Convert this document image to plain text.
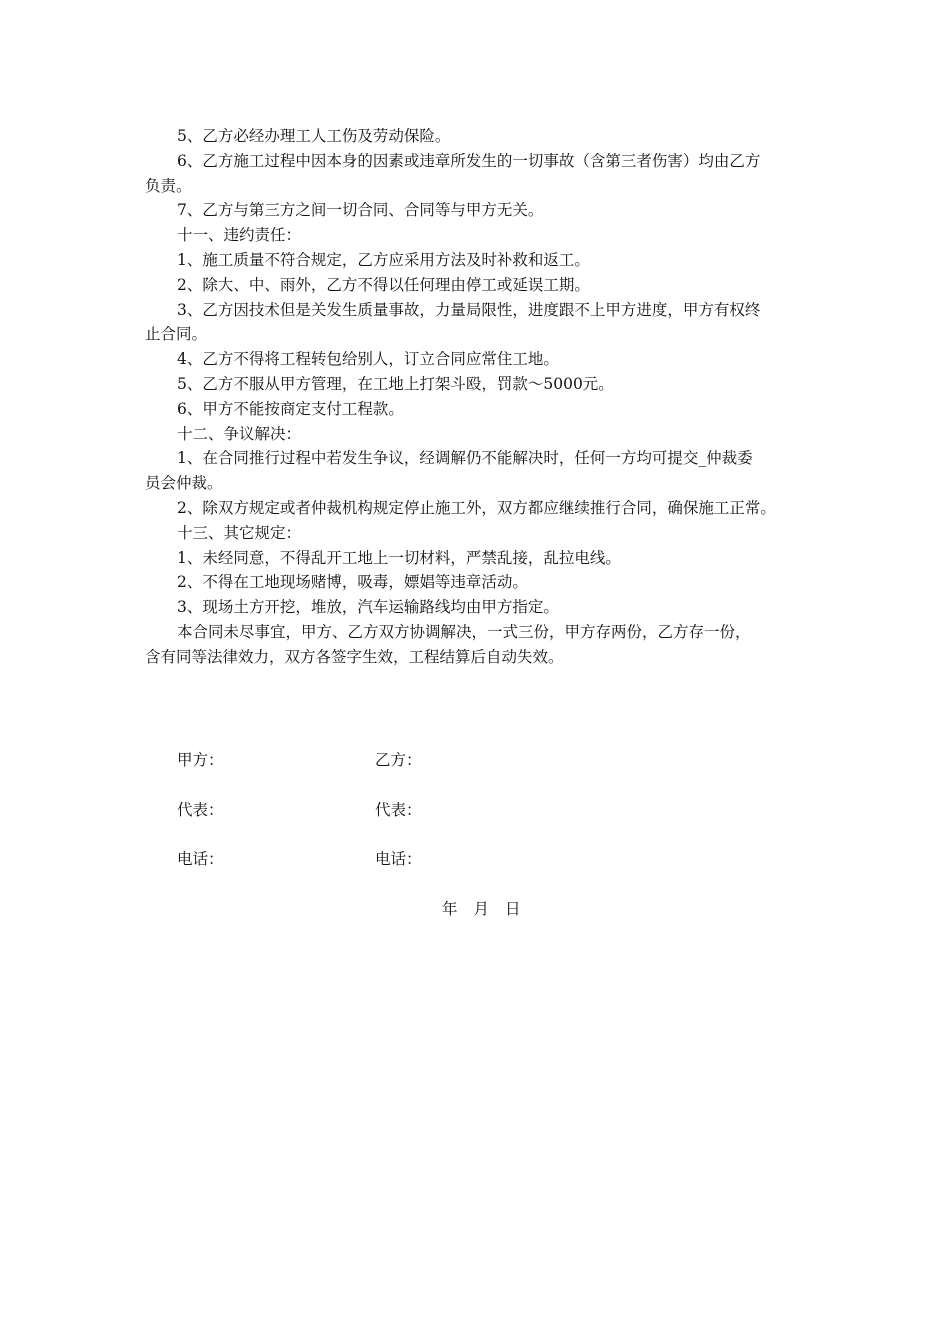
5、乙方必经办理工人工伤及劳动保险。
6、乙方施工过程中因本身的因素或违章所发生的一切事故（含第三者伤害）均由乙方
负责。
7、乙方与第三方之间一切合同、合同等与甲方无关。
十一、违约责任：
1、施工质量不符合规定，乙方应采用方法及时补救和返工。
2、除大、中、雨外，乙方不得以任何理由停工或延误工期。
3、乙方因技术但是关发生质量事故，力量局限性，进度跟不上甲方进度，甲方有权终
止合同。
4、乙方不得将工程转包给别人，订立合同应常住工地。
5、乙方不服从甲方管理，在工地上打架斗殴，罚款～5000元。
6、甲方不能按商定支付工程款。
十二、争议解决：
1、在合同推行过程中若发生争议，经调解仍不能解决时，任何一方均可提交_仲裁委
员会仲裁。
2、除双方规定或者仲裁机构规定停止施工外，双方都应继续推行合同，确保施工正常。
十三、其它规定：
1、未经同意，不得乱开工地上一切材料，严禁乱接，乱拉电线。
2、不得在工地现场赌博，吸毒，嫖娼等违章活动。
3、现场土方开挖，堆放，汽车运输路线均由甲方指定。
本合同未尽事宜，甲方、乙方双方协调解决，一式三份，甲方存两份，乙方存一份，
含有同等法律效力，双方各签字生效，工程结算后自动失效。
甲方：	乙方：
代表：	代表：
电话：	电话：
年 月 日
